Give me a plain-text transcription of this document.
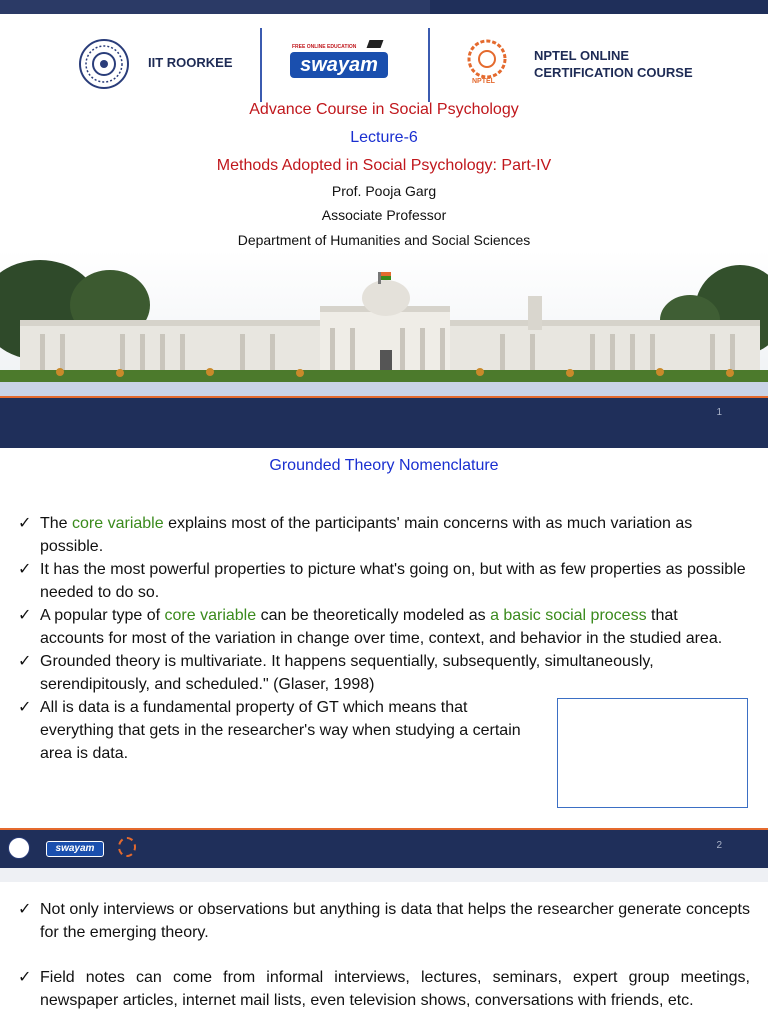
IIT ROORKEE
FREE ONLINE EDUCATION
swayam
NPTEL
NPTEL ONLINE
CERTIFICATION COURSE
Advance Course in Social Psychology
Lecture-6
Methods Adopted in Social Psychology: Part-IV
Prof. Pooja Garg
Associate Professor
Department of Humanities and Social Sciences
1
Grounded Theory Nomenclature
✓ The core variable explains most of the participants' main concerns with as much variation as possible.
✓ It has the most powerful properties to picture what's going on, but with as few properties as possible needed to do so.
✓ A popular type of core variable can be theoretically modeled as a basic social process that accounts for most of the variation in change over time, context, and behavior in the studied area.
✓ Grounded theory is multivariate. It happens sequentially, subsequently, simultaneously, serendipitously, and scheduled." (Glaser, 1998)
✓ All is data is a fundamental property of GT which means that everything that gets in the researcher's way when studying a certain area is data.
swayam	2
✓ Not only interviews or observations but anything is data that helps the researcher generate concepts for the emerging theory.
✓ Field notes can come from informal interviews, lectures, seminars, expert group meetings, newspaper articles, internet mail lists, even television shows, conversations with friends, etc.
